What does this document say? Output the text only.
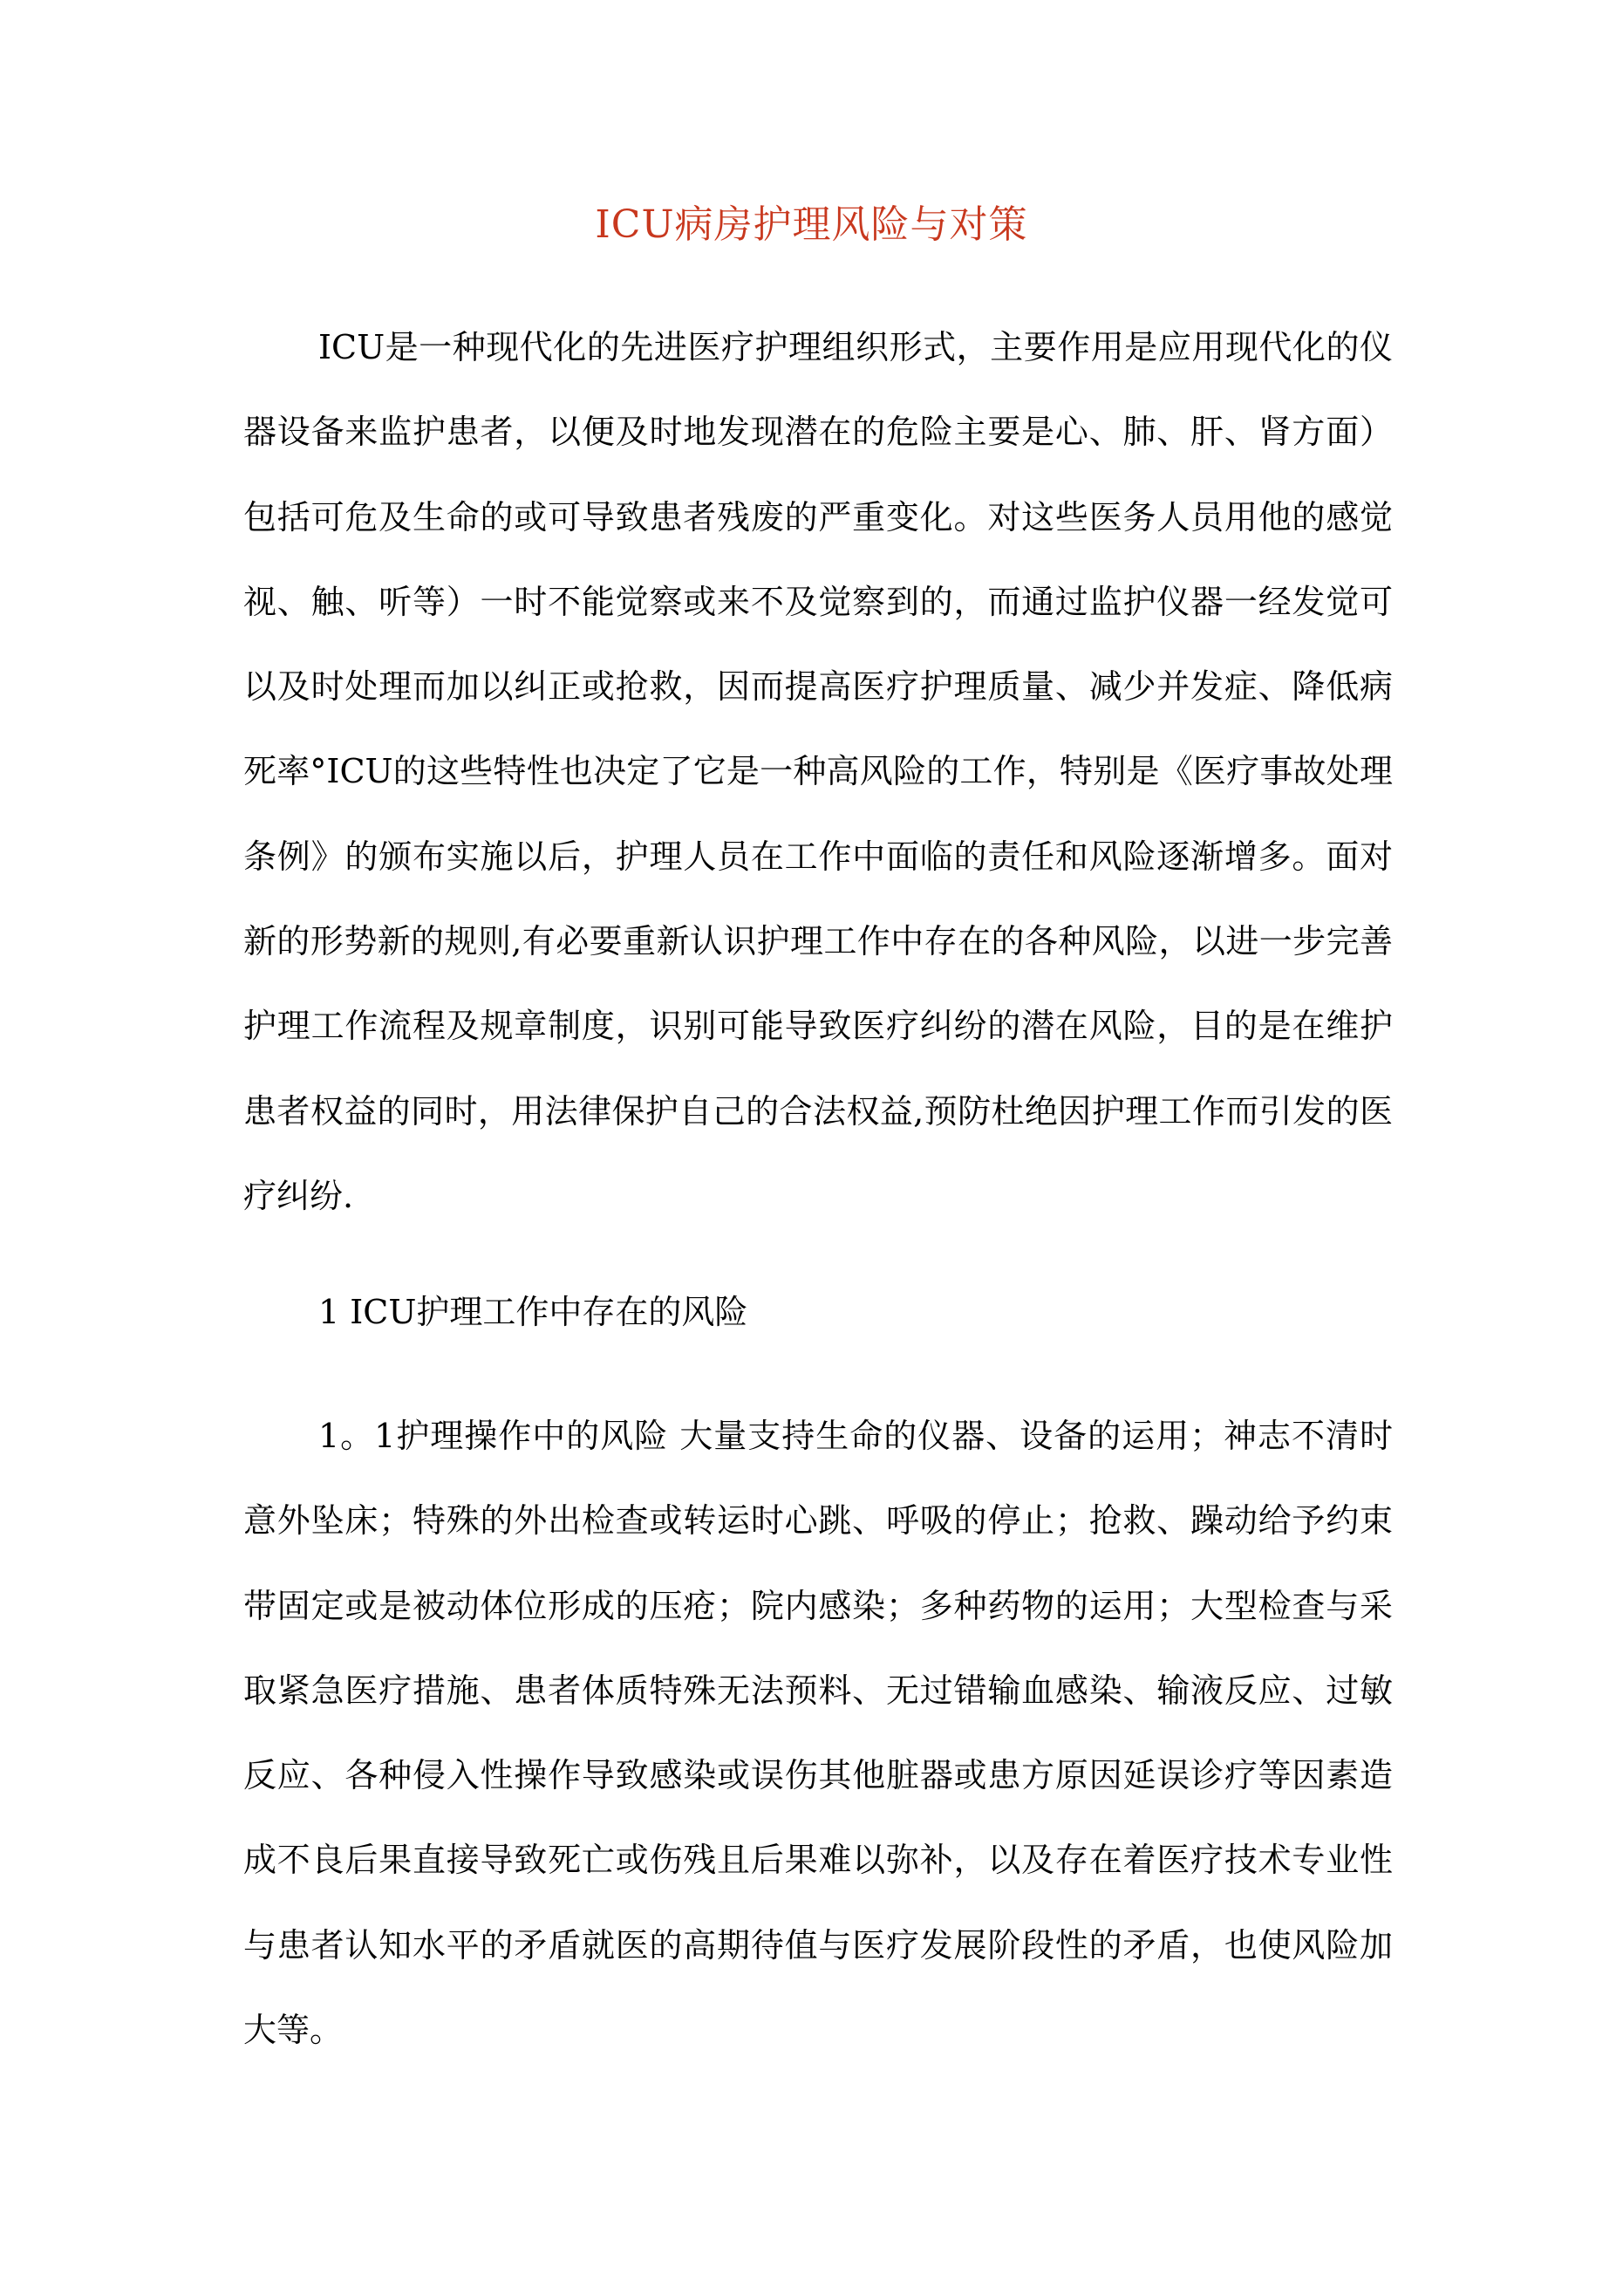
ICU病房护理风险与对策

ICU是一种现代化的先进医疗护理组织形式，主要作用是应用现代化的仪器设备来监护患者，以便及时地发现潜在的危险主要是心、肺、肝、肾方面）包括可危及生命的或可导致患者残废的严重变化。对这些医务人员用他的感觉视、触、听等）一时不能觉察或来不及觉察到的，而通过监护仪器一经发觉可以及时处理而加以纠正或抢救，因而提高医疗护理质量、减少并发症、降低病死率°ICU的这些特性也决定了它是一种高风险的工作，特别是《医疗事故处理条例》的颁布实施以后，护理人员在工作中面临的责任和风险逐渐增多。面对新的形势新的规则,有必要重新认识护理工作中存在的各种风险，以进一步完善护理工作流程及规章制度，识别可能导致医疗纠纷的潜在风险，目的是在维护患者权益的同时，用法律保护自己的合法权益,预防杜绝因护理工作而引发的医疗纠纷.

1 ICU护理工作中存在的风险

1。1护理操作中的风险 大量支持生命的仪器、设备的运用；神志不清时意外坠床；特殊的外出检查或转运时心跳、呼吸的停止；抢救、躁动给予约束带固定或是被动体位形成的压疮；院内感染；多种药物的运用；大型检查与采取紧急医疗措施、患者体质特殊无法预料、无过错输血感染、输液反应、过敏反应、各种侵入性操作导致感染或误伤其他脏器或患方原因延误诊疗等因素造成不良后果直接导致死亡或伤残且后果难以弥补，以及存在着医疗技术专业性与患者认知水平的矛盾就医的高期待值与医疗发展阶段性的矛盾，也使风险加大等。
